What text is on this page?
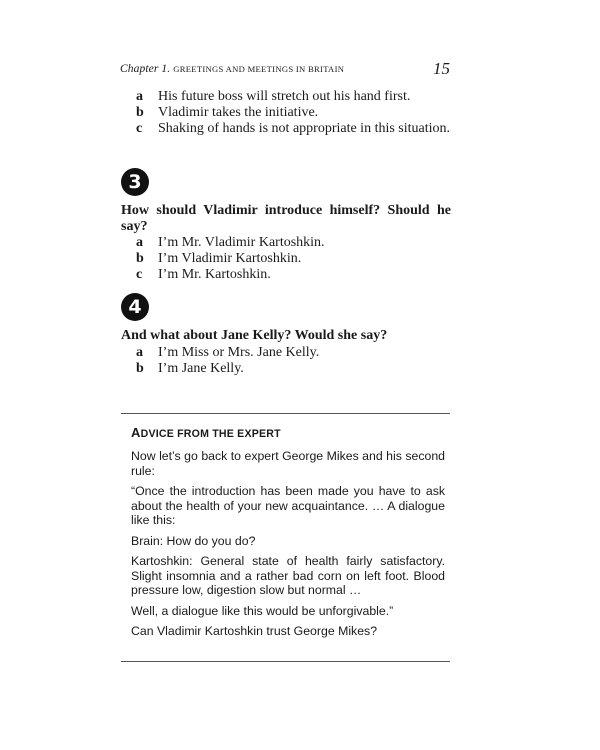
Chapter 1. GREETINGS AND MEETINGS IN BRITAIN	15
a His future boss will stretch out his hand first.
b Vladimir takes the initiative.
c Shaking of hands is not appropriate in this situation.
3

How should Vladimir introduce himself? Should he say?

a I’m Mr. Vladimir Kartoshkin.
b I’m Vladimir Kartoshkin.
c I’m Mr. Kartoshkin.
4

And what about Jane Kelly? Would she say?

a I’m Miss or Mrs. Jane Kelly.
b I’m Jane Kelly.
ADVICE FROM THE EXPERT

Now let’s go back to expert George Mikes and his second rule:

“Once the introduction has been made you have to ask about the health of your new acquaintance. … A dialogue like this:

Brain: How do you do?

Kartoshkin: General state of health fairly satisfactory. Slight insomnia and a rather bad corn on left foot. Blood pressure low, digestion slow but normal …

Well, a dialogue like this would be unforgivable.”

Can Vladimir Kartoshkin trust George Mikes?
